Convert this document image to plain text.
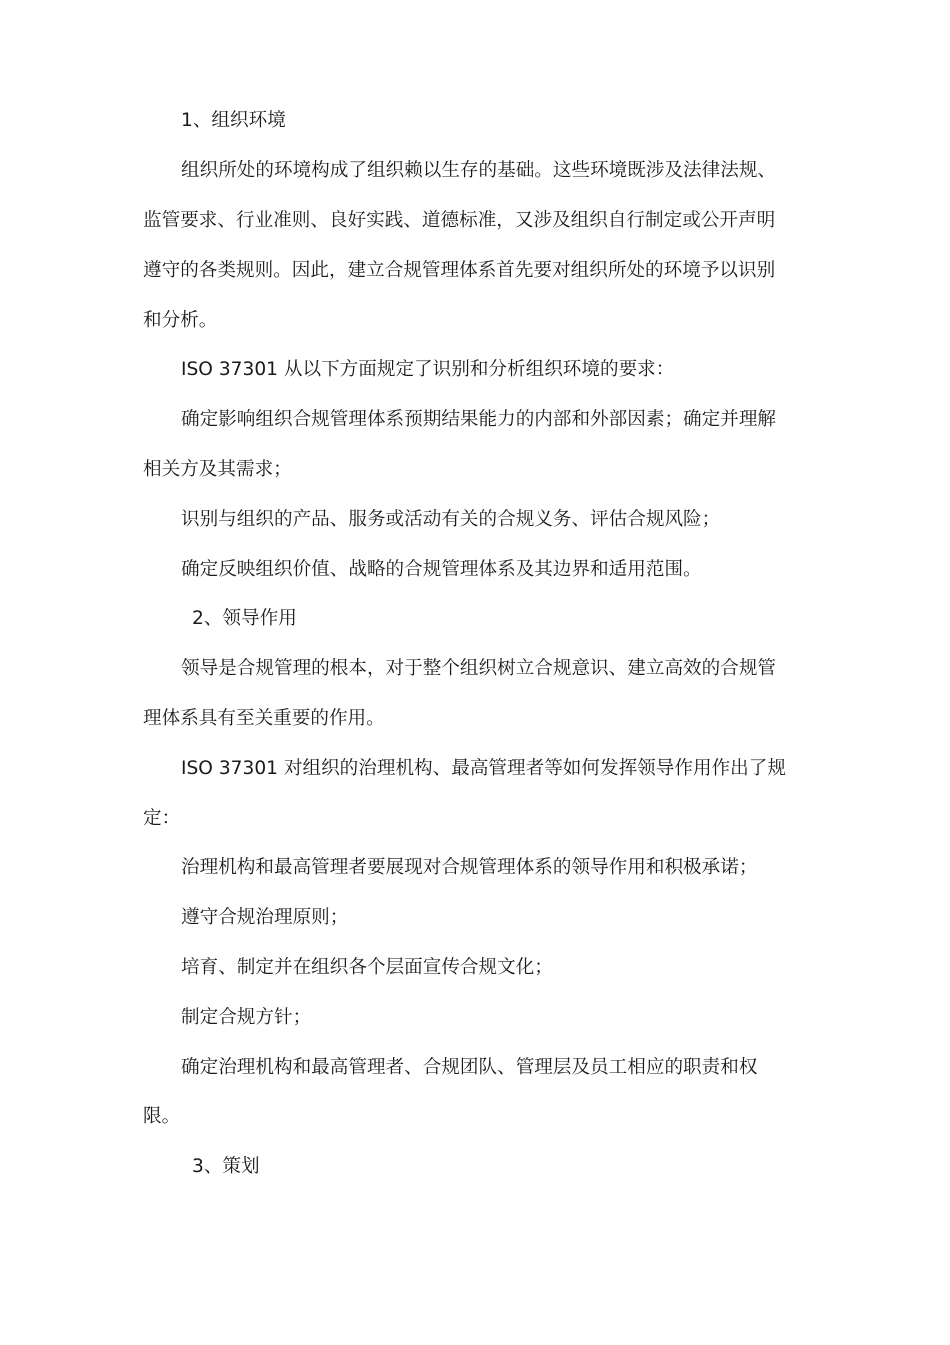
1、组织环境

组织所处的环境构成了组织赖以生存的基础。这些环境既涉及法律法规、

监管要求、行业准则、良好实践、道德标准，又涉及组织自行制定或公开声明

遵守的各类规则。因此，建立合规管理体系首先要对组织所处的环境予以识别

和分析。

ISO 37301 从以下方面规定了识别和分析组织环境的要求：

确定影响组织合规管理体系预期结果能力的内部和外部因素；确定并理解

相关方及其需求；

识别与组织的产品、服务或活动有关的合规义务、评估合规风险；

确定反映组织价值、战略的合规管理体系及其边界和适用范围。

2、领导作用

领导是合规管理的根本，对于整个组织树立合规意识、建立高效的合规管

理体系具有至关重要的作用。

ISO 37301 对组织的治理机构、最高管理者等如何发挥领导作用作出了规

定：

治理机构和最高管理者要展现对合规管理体系的领导作用和积极承诺；

遵守合规治理原则；

培育、制定并在组织各个层面宣传合规文化；

制定合规方针；

确定治理机构和最高管理者、合规团队、管理层及员工相应的职责和权

限。

3、策划
